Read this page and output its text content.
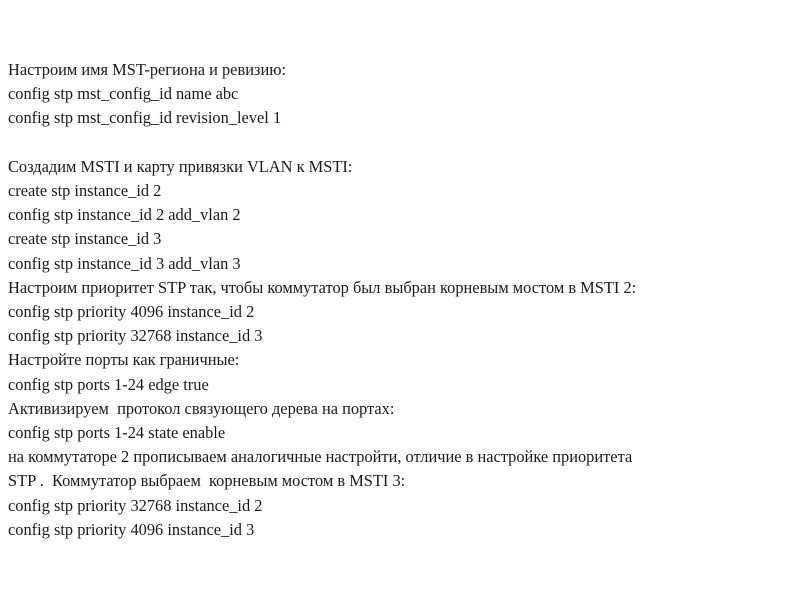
Настроим имя MST-региона и ревизию:
config stp mst_config_id name abc
config stp mst_config_id revision_level 1
Создадим MSTI и карту привязки VLAN к MSTI:
create stp instance_id 2
config stp instance_id 2 add_vlan 2
create stp instance_id 3
config stp instance_id 3 add_vlan 3
Настроим приоритет STP так, чтобы коммутатор был выбран корневым мостом в MSTI 2:
config stp priority 4096 instance_id 2
config stp priority 32768 instance_id 3
Настройте порты как граничные:
config stp ports 1-24 edge true
Активизируем  протокол связующего дерева на портах:
config stp ports 1-24 state enable
на коммутаторе 2 прописываем аналогичные настройти, отличие в настройке приоритета
STP .  Коммутатор выбраем  корневым мостом в MSTI 3:
config stp priority 32768 instance_id 2
config stp priority 4096 instance_id 3
